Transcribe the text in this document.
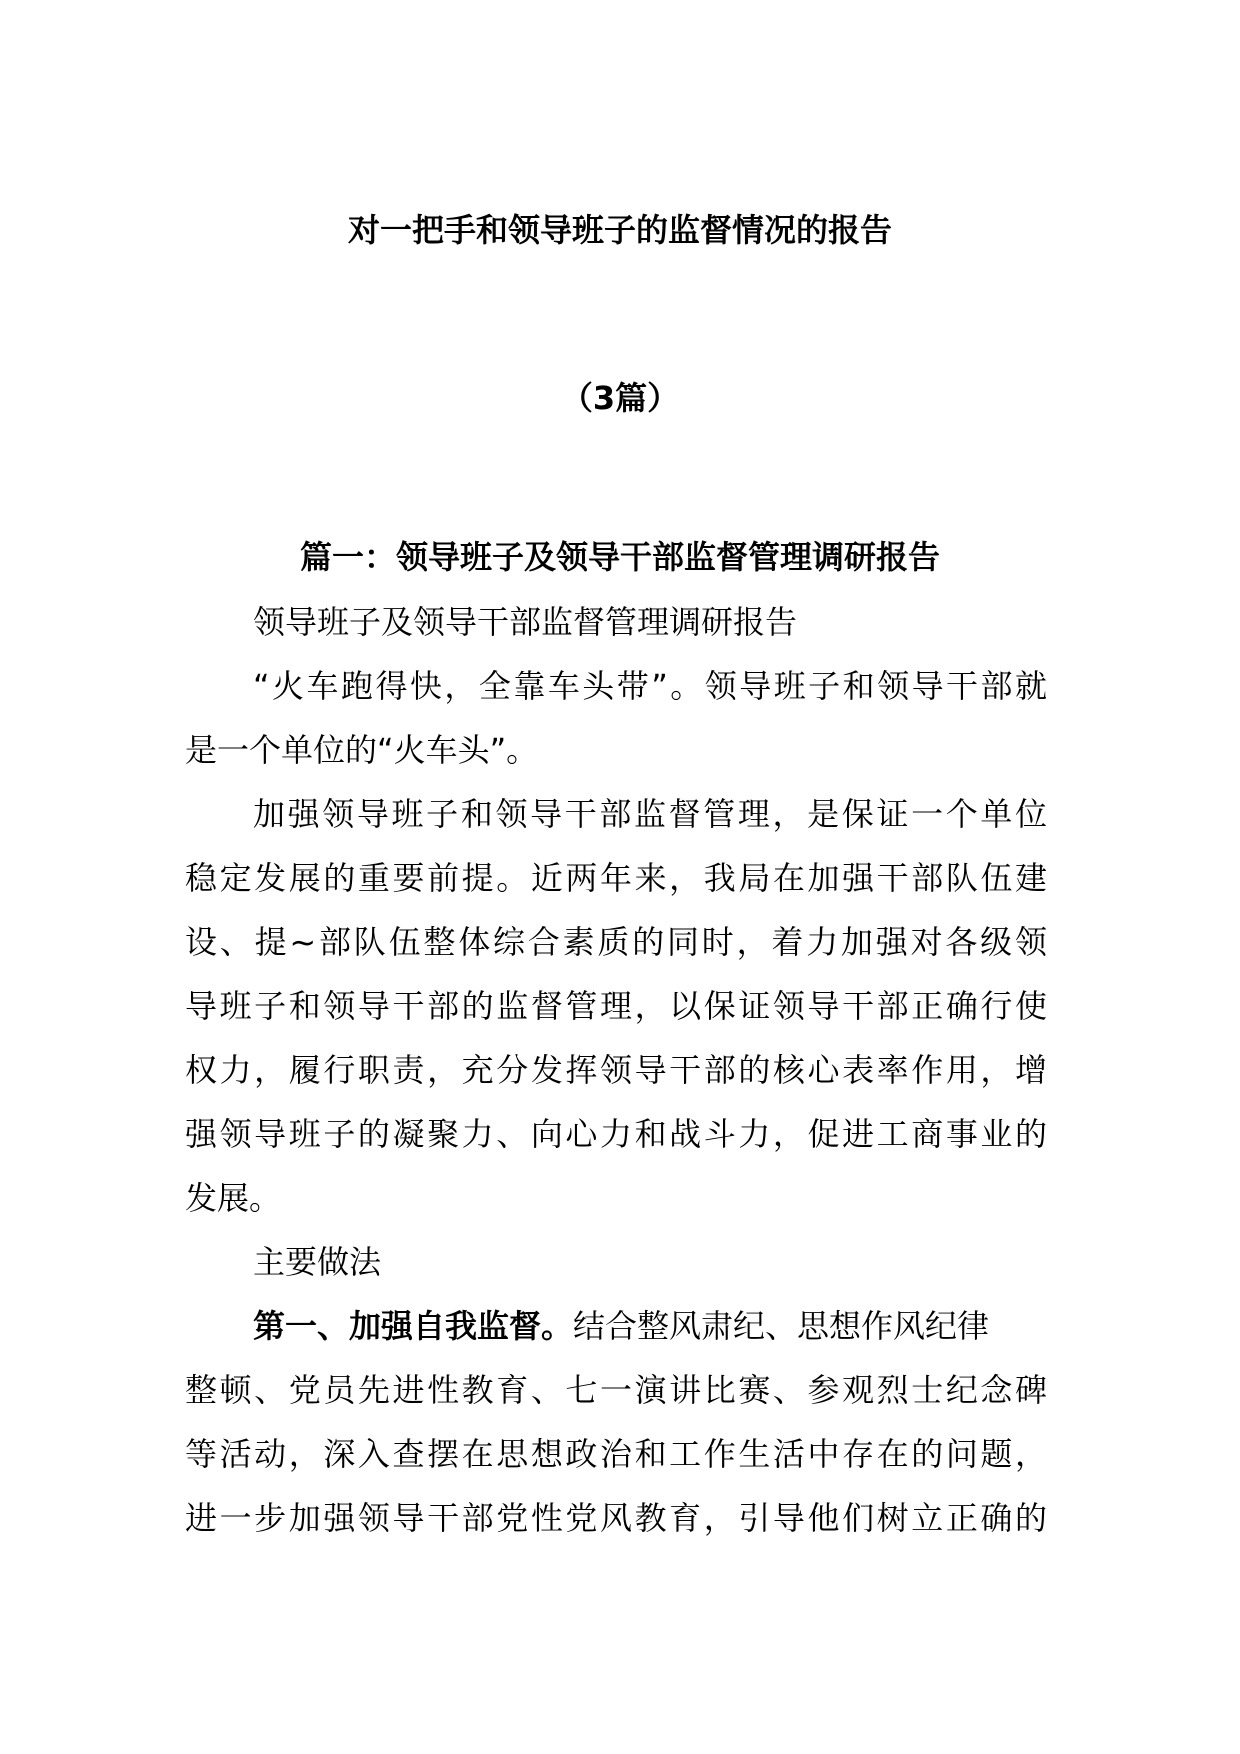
对一把手和领导班子的监督情况的报告
（3篇）
篇一：领导班子及领导干部监督管理调研报告

领导班子及领导干部监督管理调研报告

“火车跑得快，全靠车头带”。领导班子和领导干部就

是一个单位的“火车头”。

加强领导班子和领导干部监督管理，是保证一个单位

稳定发展的重要前提。近两年来，我局在加强干部队伍建

设、提~部队伍整体综合素质的同时，着力加强对各级领

导班子和领导干部的监督管理，以保证领导干部正确行使

权力，履行职责，充分发挥领导干部的核心表率作用，增

强领导班子的凝聚力、向心力和战斗力，促进工商事业的

发展。

主要做法

第一、加强自我监督。结合整风肃纪、思想作风纪律

整顿、党员先进性教育、七一演讲比赛、参观烈士纪念碑

等活动，深入查摆在思想政治和工作生活中存在的问题，

进一步加强领导干部党性党风教育，引导他们树立正确的
